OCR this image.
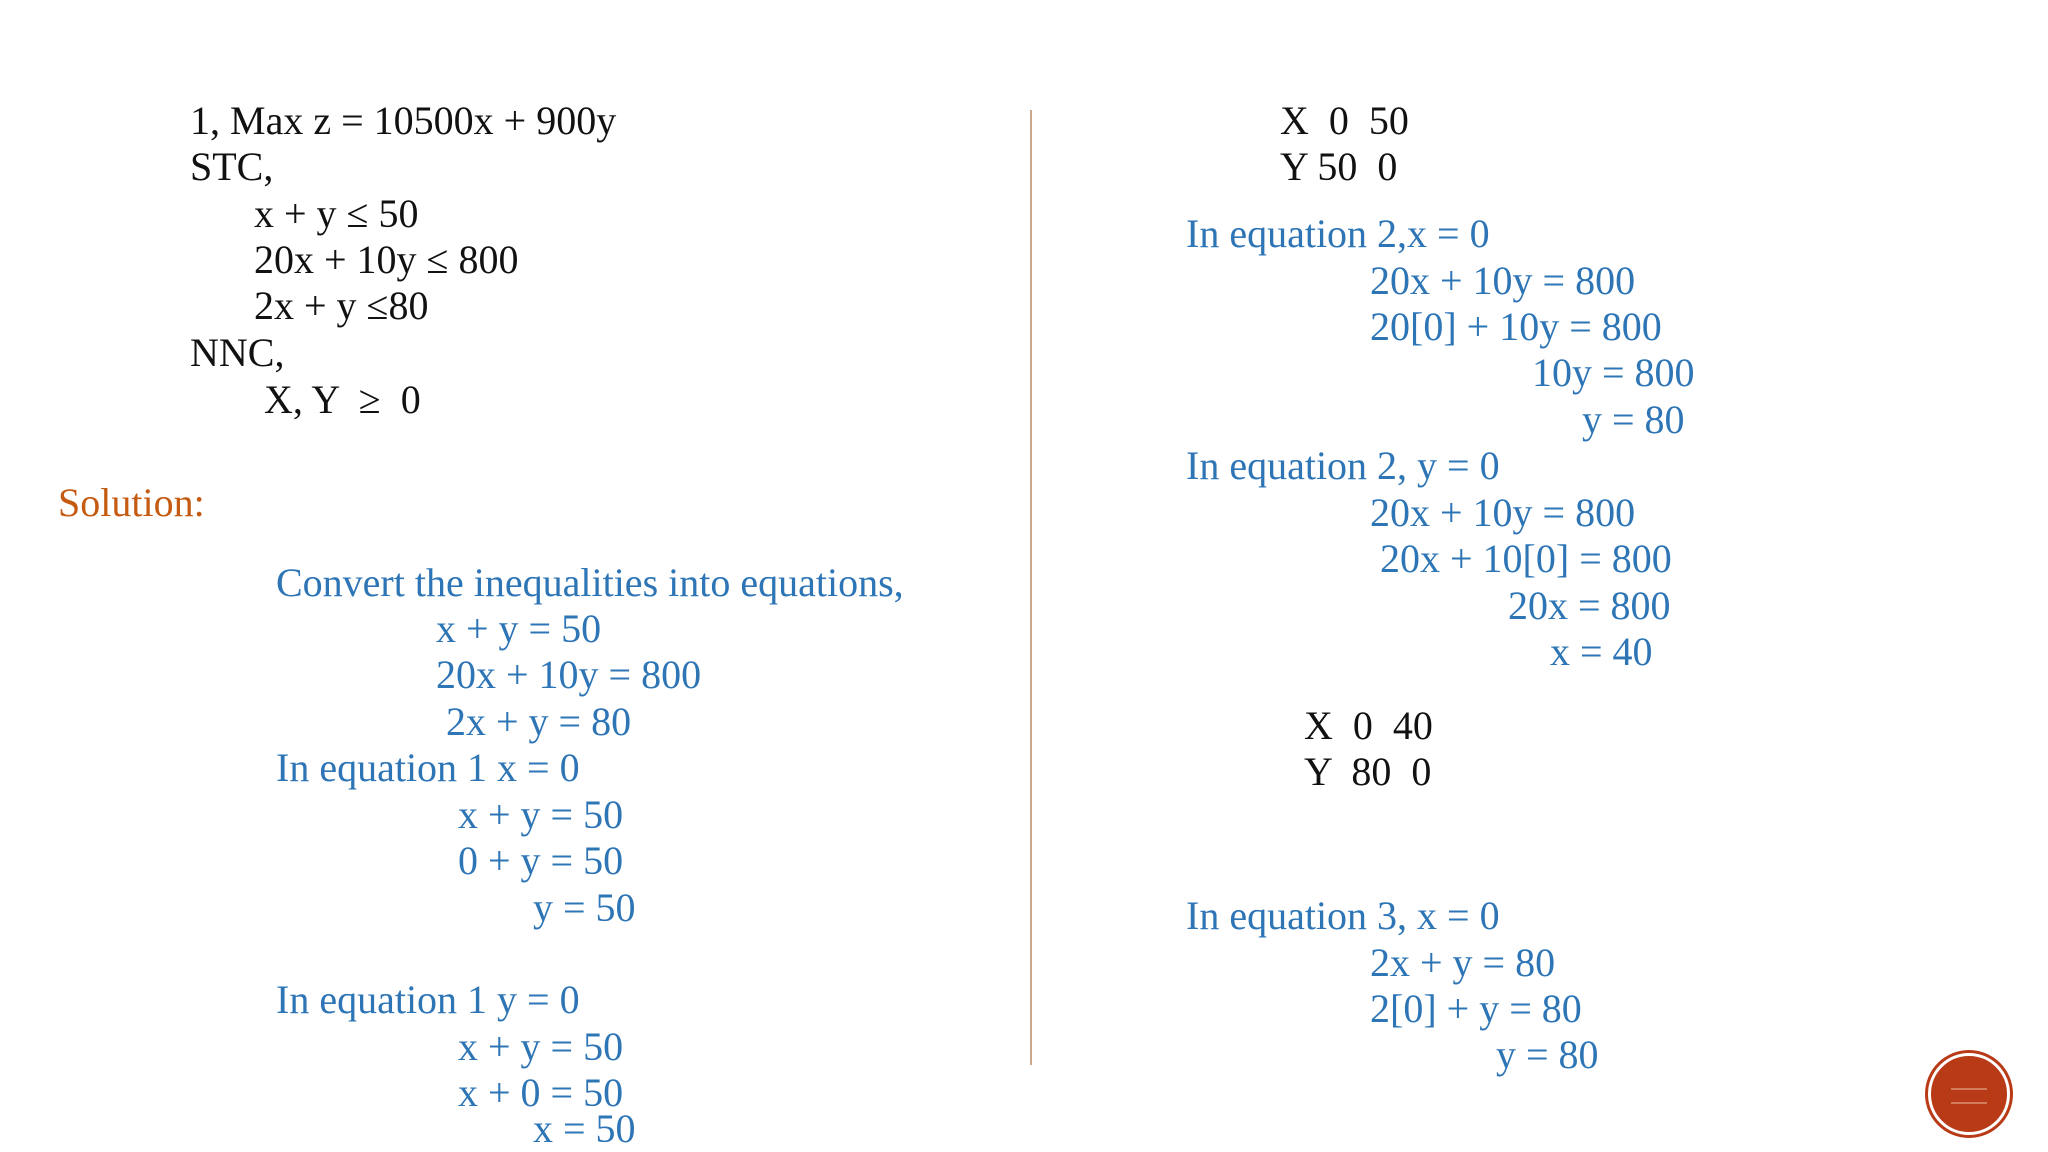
1, Max z = 10500x + 900y
STC,
x + y ≤ 50
20x + 10y ≤ 800
2x + y ≤80
NNC,
X, Y  ≥  0
Solution:
Convert the inequalities into equations,
x + y = 50
20x + 10y = 800
2x + y = 80
In equation 1 x = 0
x + y = 50
0 + y = 50
y = 50
In equation 1 y = 0
x + y = 50
x + 0 = 50
x = 50
X  0  50
Y 50  0
In equation 2,x = 0
20x + 10y = 800
20[0] + 10y = 800
10y = 800
y = 80
In equation 2, y = 0
20x + 10y = 800
20x + 10[0] = 800
20x = 800
x = 40
X  0  40
Y  80  0
In equation 3, x = 0
2x + y = 80
2[0] + y = 80
y = 80
